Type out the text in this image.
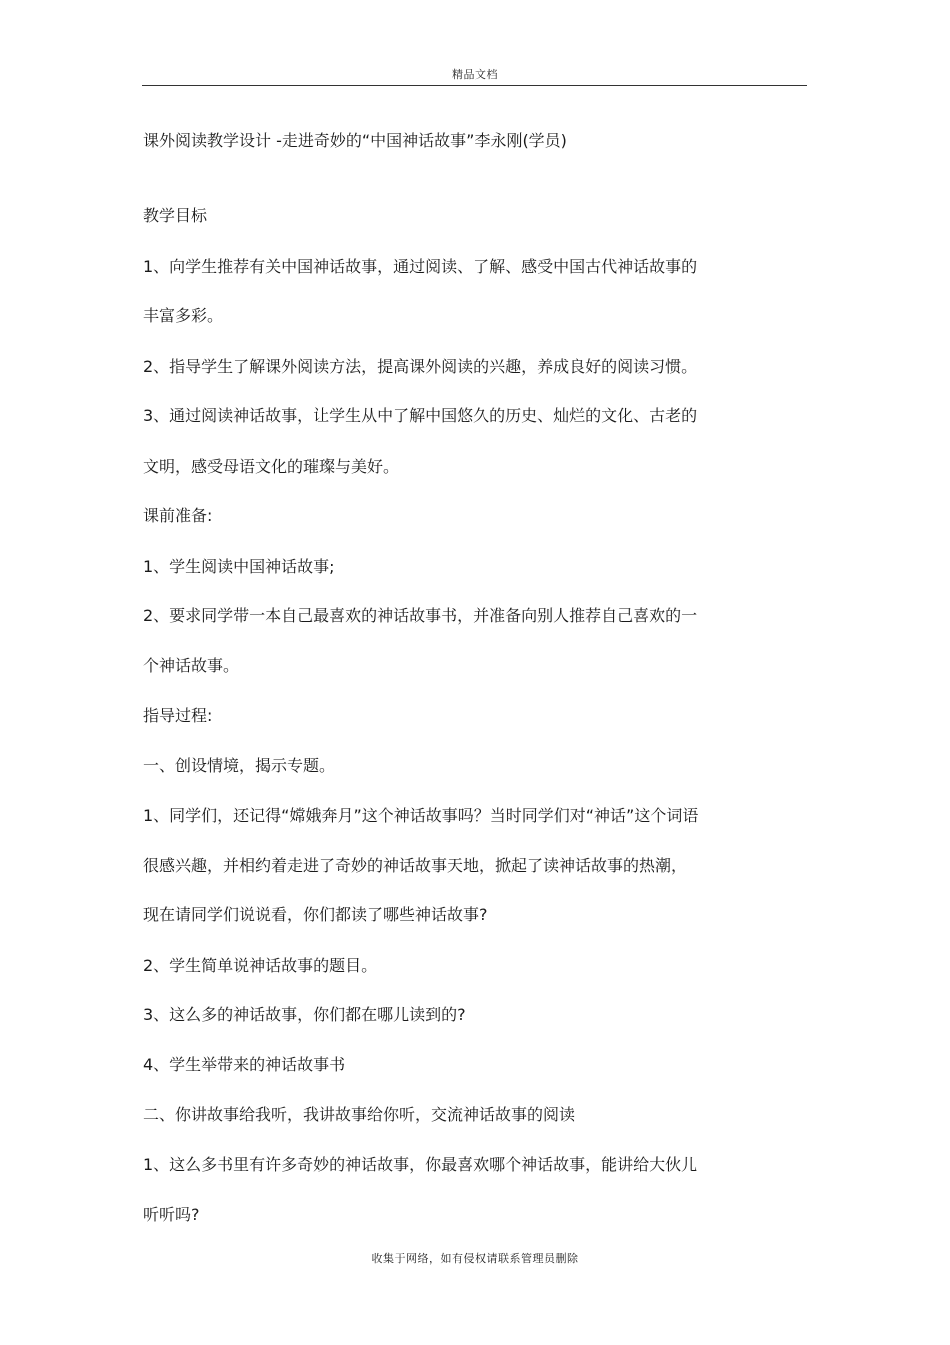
精品文档
课外阅读教学设计 -走进奇妙的“中国神话故事”李永刚(学员)
教学目标
1、向学生推荐有关中国神话故事，通过阅读、了解、感受中国古代神话故事的
丰富多彩。
2、指导学生了解课外阅读方法，提高课外阅读的兴趣，养成良好的阅读习惯。
3、通过阅读神话故事，让学生从中了解中国悠久的历史、灿烂的文化、古老的
文明，感受母语文化的璀璨与美好。
课前准备:
1、学生阅读中国神话故事;
2、要求同学带一本自己最喜欢的神话故事书，并准备向别人推荐自己喜欢的一
个神话故事。
指导过程:
一、创设情境，揭示专题。
1、同学们，还记得“嫦娥奔月”这个神话故事吗？当时同学们对“神话”这个词语
很感兴趣，并相约着走进了奇妙的神话故事天地，掀起了读神话故事的热潮，
现在请同学们说说看，你们都读了哪些神话故事?
2、学生简单说神话故事的题目。
3、这么多的神话故事，你们都在哪儿读到的?
4、学生举带来的神话故事书
二、你讲故事给我听，我讲故事给你听，交流神话故事的阅读
1、这么多书里有许多奇妙的神话故事，你最喜欢哪个神话故事，能讲给大伙儿
听听吗?
收集于网络，如有侵权请联系管理员删除
